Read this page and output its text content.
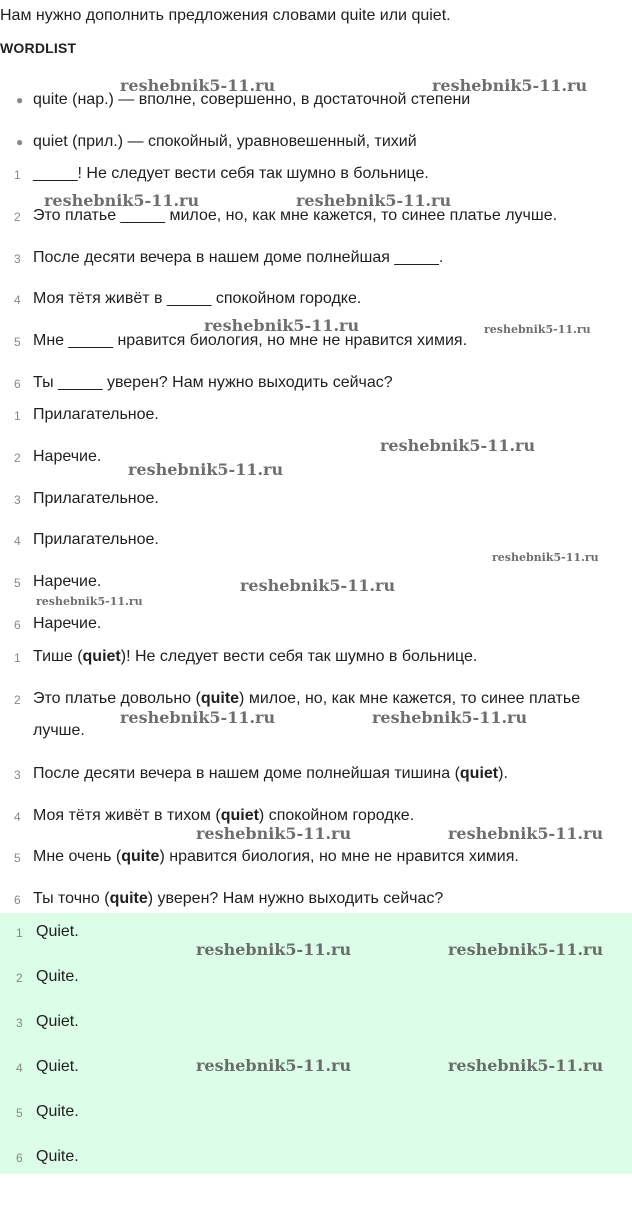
Нам нужно дополнить предложения словами quite или quiet.
WORDLIST
● quite (нар.) — вполне, совершенно, в достаточной степени
● quiet (прил.) — спокойный, уравновешенный, тихий
1 _____! Не следует вести себя так шумно в больнице.
2 Это платье _____ милое, но, как мне кажется, то синее платье лучше.
3 После десяти вечера в нашем доме полнейшая _____.
4 Моя тётя живёт в _____ спокойном городке.
5 Мне _____ нравится биология, но мне не нравится химия.
6 Ты _____ уверен? Нам нужно выходить сейчас?
1 Прилагательное.
2 Наречие.
3 Прилагательное.
4 Прилагательное.
5 Наречие.
6 Наречие.
1 Тише (quiet)! Не следует вести себя так шумно в больнице.
2 Это платье довольно (quite) милое, но, как мне кажется, то синее платье лучше.
3 После десяти вечера в нашем доме полнейшая тишина (quiet).
4 Моя тётя живёт в тихом (quiet) спокойном городке.
5 Мне очень (quite) нравится биология, но мне не нравится химия.
6 Ты точно (quite) уверен? Нам нужно выходить сейчас?
1 Quiet.
2 Quite.
3 Quiet.
4 Quiet.
5 Quite.
6 Quite.
reshebnik5-11.ru	reshebnik5-11.ru
reshebnik5-11.ru	reshebnik5-11.ru
reshebnik5-11.ru	reshebnik5-11.ru
reshebnik5-11.ru
reshebnik5-11.ru
reshebnik5-11.ru
reshebnik5-11.ru
reshebnik5-11.ru
reshebnik5-11.ru	reshebnik5-11.ru
reshebnik5-11.ru	reshebnik5-11.ru
reshebnik5-11.ru	reshebnik5-11.ru
reshebnik5-11.ru	reshebnik5-11.ru
